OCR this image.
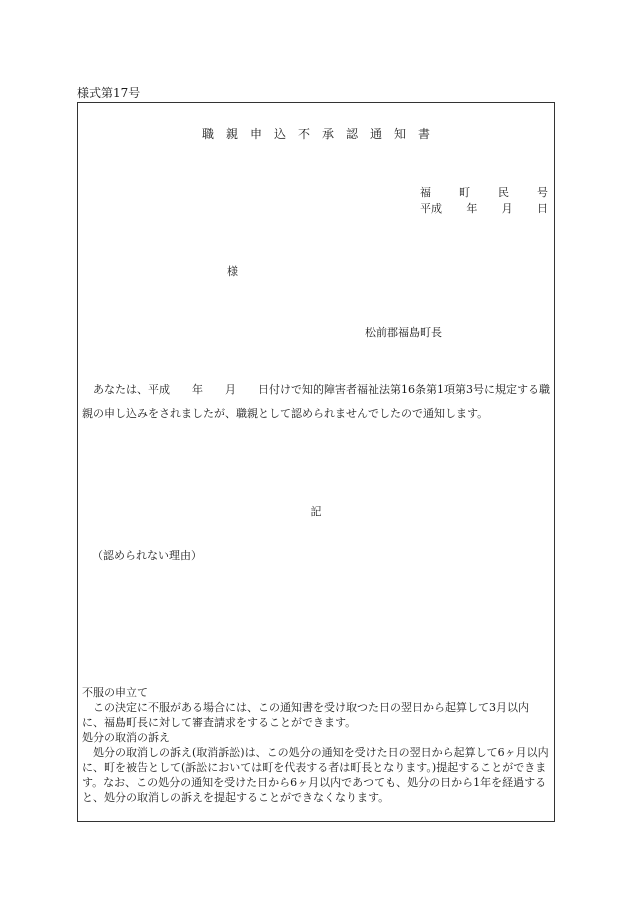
様式第17号
職親申込不承認通知書
福	町	民	号
平成 年 月 日
様
松前郡福島町長
あなたは、平成　　年　　月　　日付けで知的障害者福祉法第16条第1項第3号に規定する職親の申し込みをされましたが、職親として認められませんでしたので通知します。
記
（認められない理由）
不服の申立て
この決定に不服がある場合には、この通知書を受け取つた日の翌日から起算して3月以内に、福島町長に対して審査請求をすることができます。
処分の取消の訴え
処分の取消しの訴え(取消訴訟)は、この処分の通知を受けた日の翌日から起算して6ヶ月以内に、町を被告として(訴訟においては町を代表する者は町長となります。)提起することができます。なお、この処分の通知を受けた日から6ヶ月以内であつても、処分の日から1年を経過すると、処分の取消しの訴えを提起することができなくなります。
